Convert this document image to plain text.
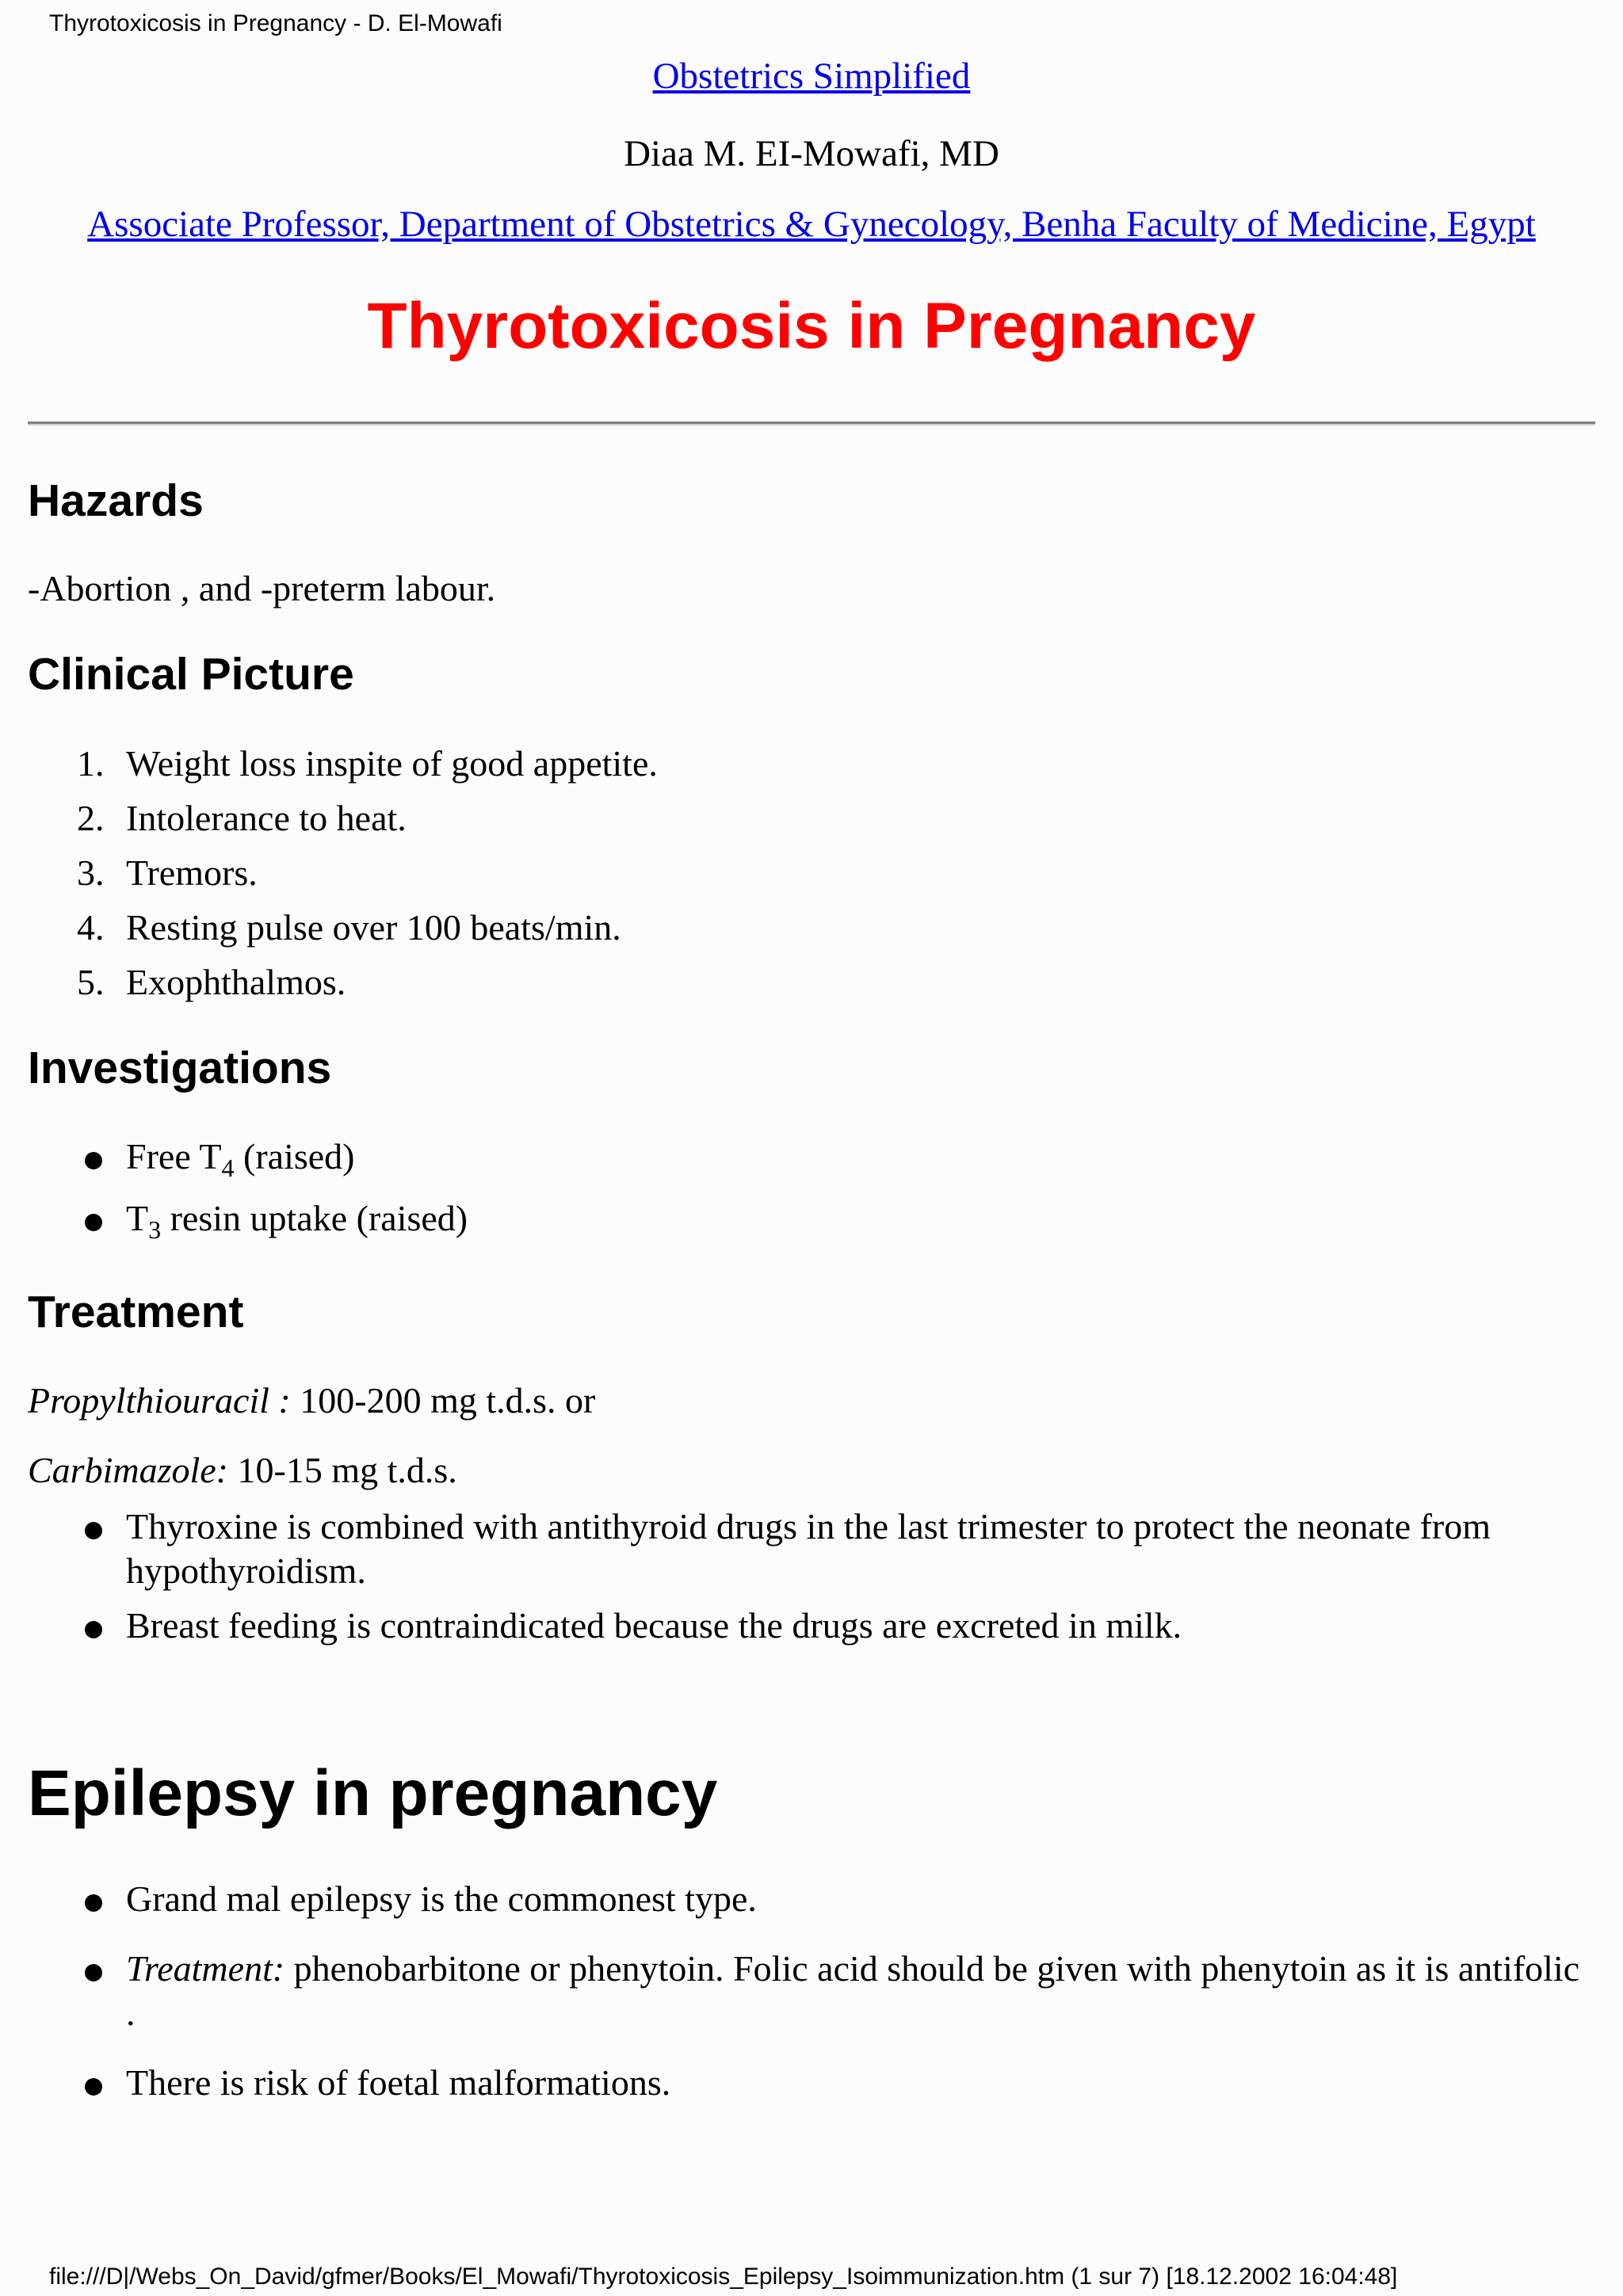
Thyrotoxicosis in Pregnancy - D. El-Mowafi
Obstetrics Simplified
Diaa M. EI-Mowafi, MD
Associate Professor, Department of Obstetrics & Gynecology, Benha Faculty of Medicine, Egypt
Thyrotoxicosis in Pregnancy
Hazards

-Abortion , and -preterm labour.

Clinical Picture
1. Weight loss inspite of good appetite.
2. Intolerance to heat.
3. Tremors.
4. Resting pulse over 100 beats/min.
5. Exophthalmos.
Investigations
Free $T_4$ (raised)
$T_3$ resin uptake (raised)
Treatment

Propylthiouracil : 100-200 mg t.d.s. or

Carbimazole: 10-15 mg t.d.s.

Thyroxine is combined with antithyroid drugs in the last trimester to protect the neonate from hypothyroidism.
Breast feeding is contraindicated because the drugs are excreted in milk.
Epilepsy in pregnancy
Grand mal epilepsy is the commonest type.
Treatment: phenobarbitone or phenytoin. Folic acid should be given with phenytoin as it is antifolic .
There is risk of foetal malformations.
file:///D|/Webs_On_David/gfmer/Books/El_Mowafi/Thyrotoxicosis_Epilepsy_Isoimmunization.htm (1 sur 7) [18.12.2002 16:04:48]
